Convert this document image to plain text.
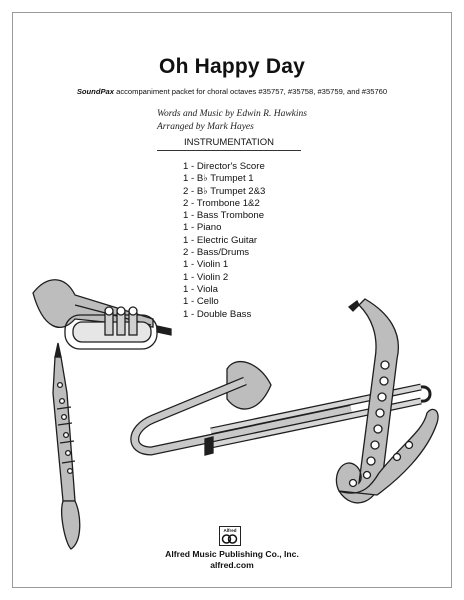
Oh Happy Day
SoundPax accompaniment packet for choral octaves #35757, #35758, #35759, and #35760
Words and Music by Edwin R. Hawkins
Arranged by Mark Hayes
INSTRUMENTATION
1 - Director's Score
1 - B♭ Trumpet 1
2 - B♭ Trumpet 2&3
2 - Trombone 1&2
1 - Bass Trombone
1 - Piano
1 - Electric Guitar
2 - Bass/Drums
1 - Violin 1
1 - Violin 2
1 - Viola
1 - Cello
1 - Double Bass
Alfred
Alfred Music Publishing Co., Inc.
alfred.com
